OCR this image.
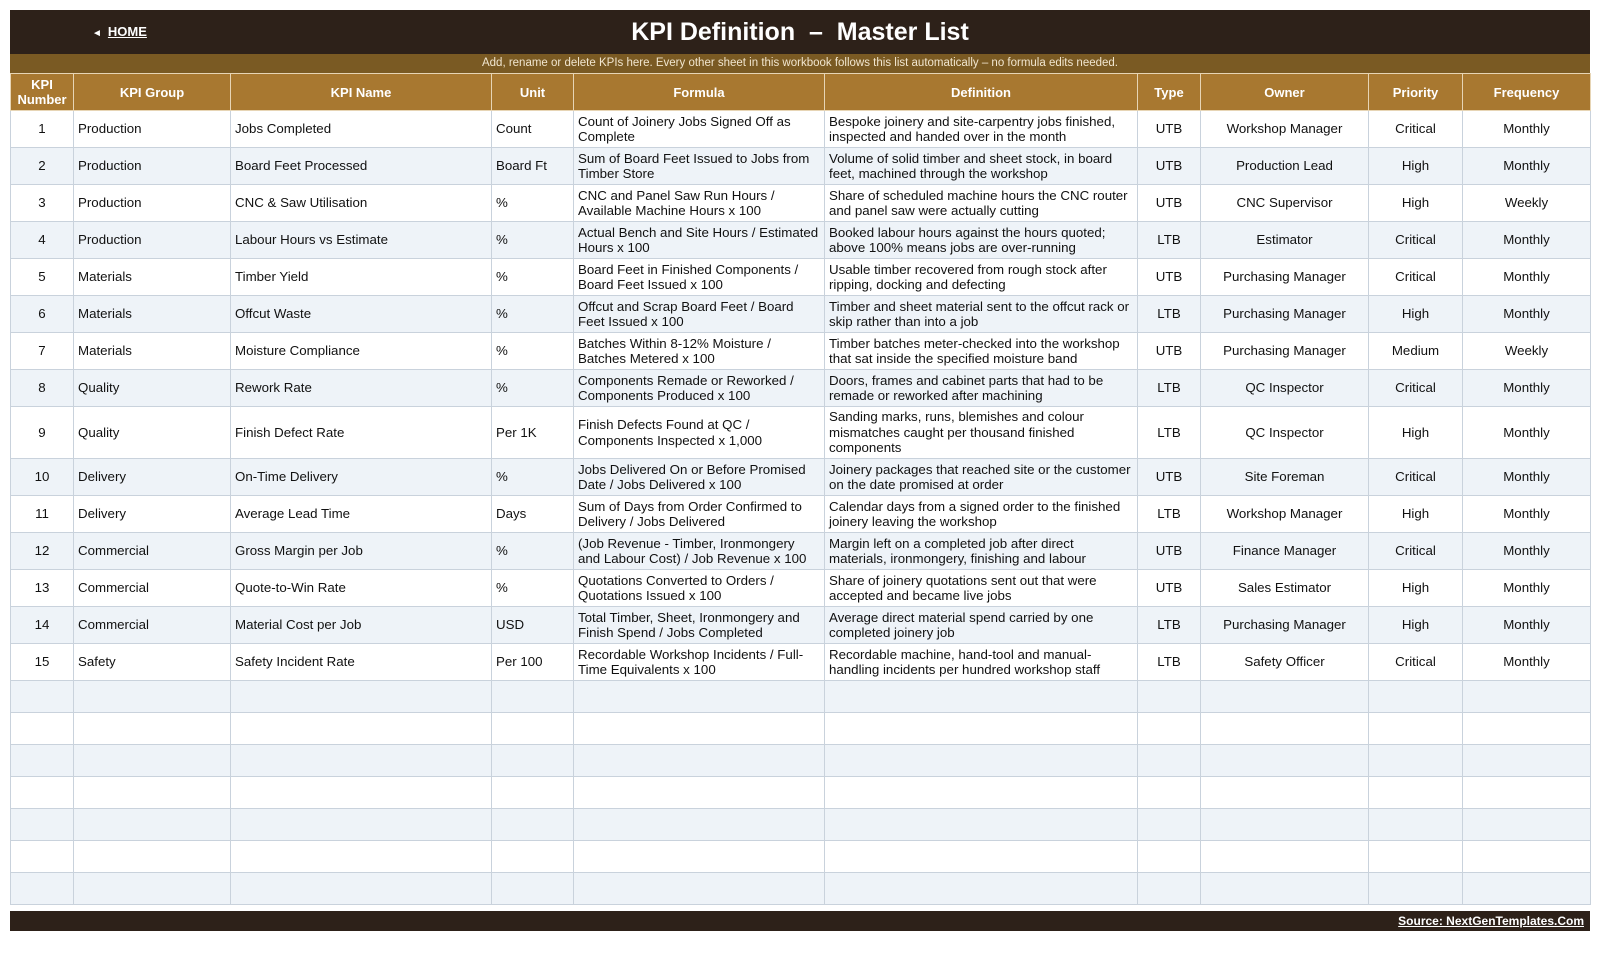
◄ HOME	KPI Definition  –  Master List
Add, rename or delete KPIs here. Every other sheet in this workbook follows this list automatically – no formula edits needed.
KPI Number	KPI Group	KPI Name	Unit	Formula	Definition	Type	Owner	Priority	Frequency
1	Production	Jobs Completed	Count	Count of Joinery Jobs Signed Off as Complete	Bespoke joinery and site-carpentry jobs finished, inspected and handed over in the month	UTB	Workshop Manager	Critical	Monthly
2	Production	Board Feet Processed	Board Ft	Sum of Board Feet Issued to Jobs from Timber Store	Volume of solid timber and sheet stock, in board feet, machined through the workshop	UTB	Production Lead	High	Monthly
3	Production	CNC & Saw Utilisation	%	CNC and Panel Saw Run Hours / Available Machine Hours x 100	Share of scheduled machine hours the CNC router and panel saw were actually cutting	UTB	CNC Supervisor	High	Weekly
4	Production	Labour Hours vs Estimate	%	Actual Bench and Site Hours / Estimated Hours x 100	Booked labour hours against the hours quoted; above 100% means jobs are over-running	LTB	Estimator	Critical	Monthly
5	Materials	Timber Yield	%	Board Feet in Finished Components / Board Feet Issued x 100	Usable timber recovered from rough stock after ripping, docking and defecting	UTB	Purchasing Manager	Critical	Monthly
6	Materials	Offcut Waste	%	Offcut and Scrap Board Feet / Board Feet Issued x 100	Timber and sheet material sent to the offcut rack or skip rather than into a job	LTB	Purchasing Manager	High	Monthly
7	Materials	Moisture Compliance	%	Batches Within 8-12% Moisture / Batches Metered x 100	Timber batches meter-checked into the workshop that sat inside the specified moisture band	UTB	Purchasing Manager	Medium	Weekly
8	Quality	Rework Rate	%	Components Remade or Reworked / Components Produced x 100	Doors, frames and cabinet parts that had to be remade or reworked after machining	LTB	QC Inspector	Critical	Monthly
9	Quality	Finish Defect Rate	Per 1K	Finish Defects Found at QC / Components Inspected x 1,000	Sanding marks, runs, blemishes and colour mismatches caught per thousand finished components	LTB	QC Inspector	High	Monthly
10	Delivery	On-Time Delivery	%	Jobs Delivered On or Before Promised Date / Jobs Delivered x 100	Joinery packages that reached site or the customer on the date promised at order	UTB	Site Foreman	Critical	Monthly
11	Delivery	Average Lead Time	Days	Sum of Days from Order Confirmed to Delivery / Jobs Delivered	Calendar days from a signed order to the finished joinery leaving the workshop	LTB	Workshop Manager	High	Monthly
12	Commercial	Gross Margin per Job	%	(Job Revenue - Timber, Ironmongery and Labour Cost) / Job Revenue x 100	Margin left on a completed job after direct materials, ironmongery, finishing and labour	UTB	Finance Manager	Critical	Monthly
13	Commercial	Quote-to-Win Rate	%	Quotations Converted to Orders / Quotations Issued x 100	Share of joinery quotations sent out that were accepted and became live jobs	UTB	Sales Estimator	High	Monthly
14	Commercial	Material Cost per Job	USD	Total Timber, Sheet, Ironmongery and Finish Spend / Jobs Completed	Average direct material spend carried by one completed joinery job	LTB	Purchasing Manager	High	Monthly
15	Safety	Safety Incident Rate	Per 100	Recordable Workshop Incidents / Full-Time Equivalents x 100	Recordable machine, hand-tool and manual-handling incidents per hundred workshop staff	LTB	Safety Officer	Critical	Monthly

Source: NextGenTemplates.Com
